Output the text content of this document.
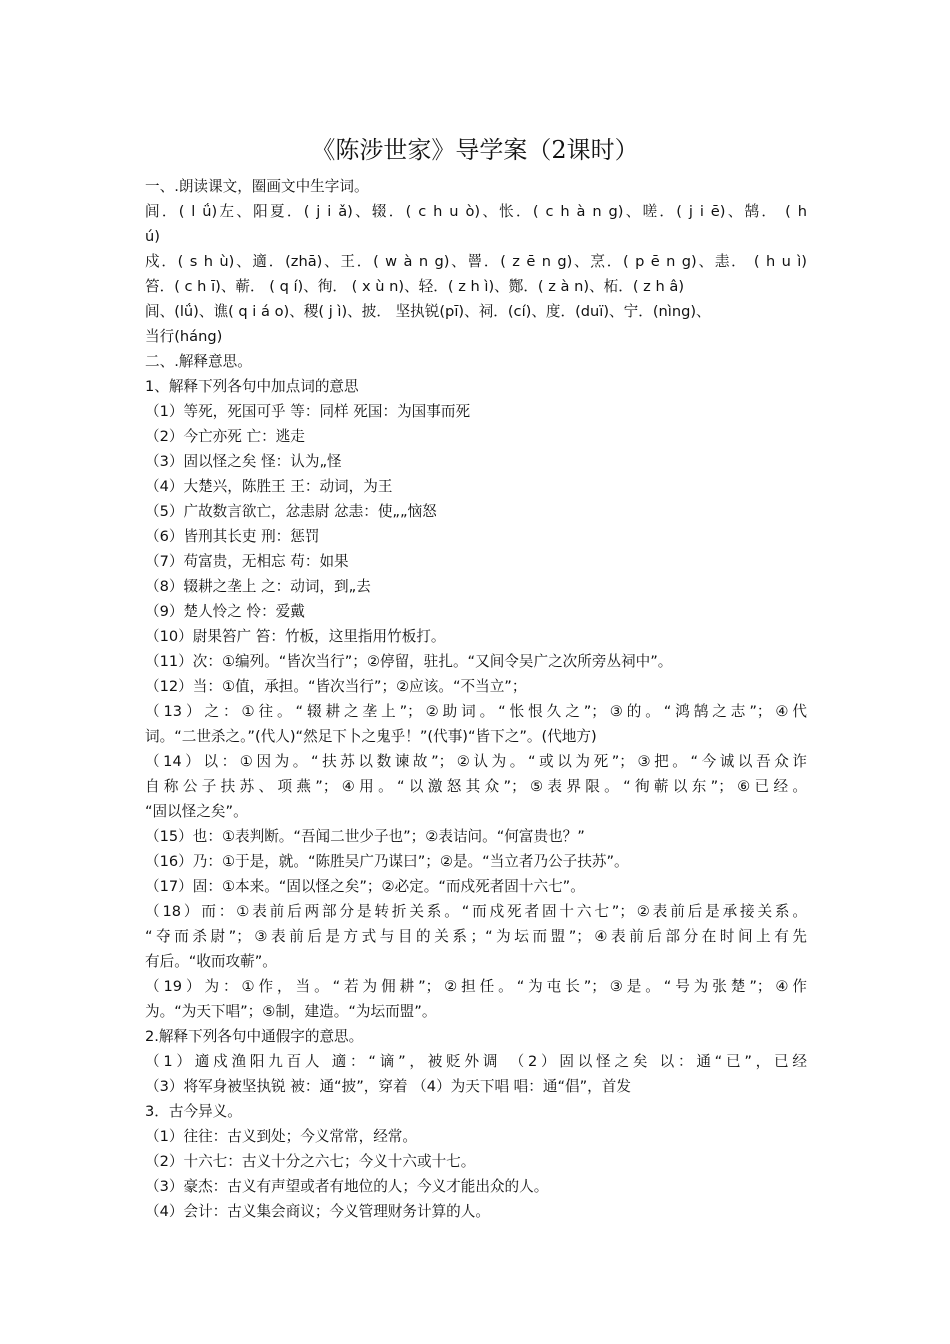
《陈涉世家》导学案（2课时）
一、.朗读课文，圈画文中生字词。
闾．( l ǘ)左、阳夏．( j i ǎ)、辍．( c h u ò)、怅．( c h à n g)、嗟．( j i ē)、鹄． ( h
ú)
戍．( s h ù)、適．(zhā)、王．( w à n g)、罾．( z ē n g)、烹．( p ē n g)、恚． ( h u ì)
笞．( c h ī)、蕲． ( q í)、徇． ( x ù n)、轻．( z h ì)、酂．( z à n)、柘．( z h â)
闾、(lǘ)、谯( q i á o)、稷( j ì)、披． 坚执锐(pī)、祠．(cí)、度．(duï)、宁．(nìng)、
当行(háng)
二、.解释意思。
1、解释下列各句中加点词的意思
（1）等死，死国可乎 等：同样 死国：为国事而死
（2）今亡亦死 亡：逃走
（3）固以怪之矣 怪：认为„怪
（4）大楚兴，陈胜王 王：动词，为王
（5）广故数言欲亡，忿恚尉 忿恚：使„„恼怒
（6）皆刑其长吏 刑：惩罚
（7）苟富贵，无相忘 苟：如果
（8）辍耕之垄上 之：动词，到„去
（9）楚人怜之 怜：爱戴
（10）尉果笞广 笞：竹板，这里指用竹板打。
（11）次：①编列。“皆次当行”；②停留，驻扎。“又间令吴广之次所旁丛祠中”。
（12）当：①值，承担。“皆次当行”；②应该。“不当立”；
（13）之：①往。“辍耕之垄上”；②助词。“怅恨久之”；③的。“鸿鹄之志”；④代
词。“二世杀之。”(代人)“然足下卜之鬼乎！”(代事)“皆下之”。(代地方)
（14）以：①因为。“扶苏以数谏故”；②认为。“或以为死”；③把。“今诚以吾众诈
自称公子扶苏、项燕”；④用。“以激怒其众”；⑤表界限。“徇蕲以东”；⑥已经。
“固以怪之矣”。
（15）也：①表判断。“吾闻二世少子也”；②表诘问。“何富贵也？”
（16）乃：①于是，就。“陈胜吴广乃谋曰”；②是。“当立者乃公子扶苏”。
（17）固：①本来。“固以怪之矣”；②必定。“而戍死者固十六七”。
（18）而：①表前后两部分是转折关系。“而戍死者固十六七”；②表前后是承接关系。
“夺而杀尉”；③表前后是方式与目的关系；“为坛而盟”；④表前后部分在时间上有先
有后。“收而攻蕲”。
（19）为：①作，当。“若为佣耕”；②担任。“为屯长”；③是。“号为张楚”；④作
为。“为天下唱”；⑤制，建造。“为坛而盟”。
2.解释下列各句中通假字的意思。
（1）適戍渔阳九百人 適：“谪”，被贬外调 （2）固以怪之矣 以：通“已”，已经
（3）将军身被坚执锐 被：通“披”，穿着 （4）为天下唱 唱：通“倡”，首发
3．古今异义。
（1）往往：古义到处；今义常常，经常。
（2）十六七：古义十分之六七；今义十六或十七。
（3）豪杰：古义有声望或者有地位的人；今义才能出众的人。
（4）会计：古义集会商议；今义管理财务计算的人。
